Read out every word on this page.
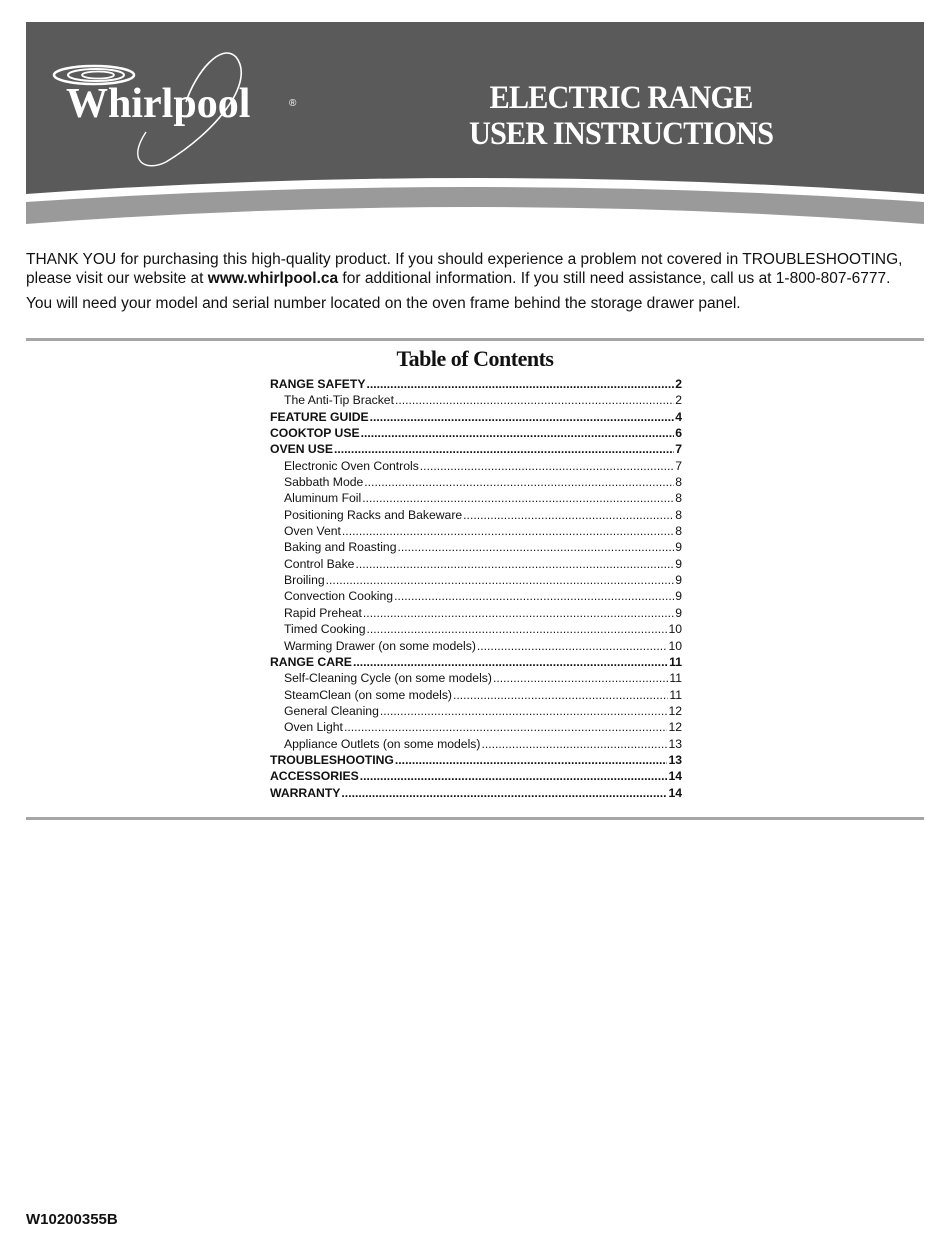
Whirlpool	®	ELECTRIC RANGE
USER INSTRUCTIONS

THANK YOU for purchasing this high-quality product. If you should experience a problem not covered in TROUBLESHOOTING, please visit our website at www.whirlpool.ca for additional information. If you still need assistance, call us at 1-800-807-6777.

You will need your model and serial number located on the oven frame behind the storage drawer panel.

Table of Contents
RANGE SAFETY .....	2
The Anti-Tip Bracket .....	2
FEATURE GUIDE .....	4
COOKTOP USE .....	6
OVEN USE .....	7
Electronic Oven Controls .....	7
Sabbath Mode .....	8
Aluminum Foil .....	8
Positioning Racks and Bakeware .....	8
Oven Vent .....	8
Baking and Roasting .....	9
Control Bake .....	9
Broiling .....	9
Convection Cooking .....	9
Rapid Preheat .....	9
Timed Cooking .....	10
Warming Drawer (on some models) .....	10
RANGE CARE .....	11
Self-Cleaning Cycle (on some models) .....	11
SteamClean (on some models) .....	11
General Cleaning .....	12
Oven Light .....	12
Appliance Outlets (on some models) .....	13
TROUBLESHOOTING .....	13
ACCESSORIES .....	14
WARRANTY .....	14
W10200355B
